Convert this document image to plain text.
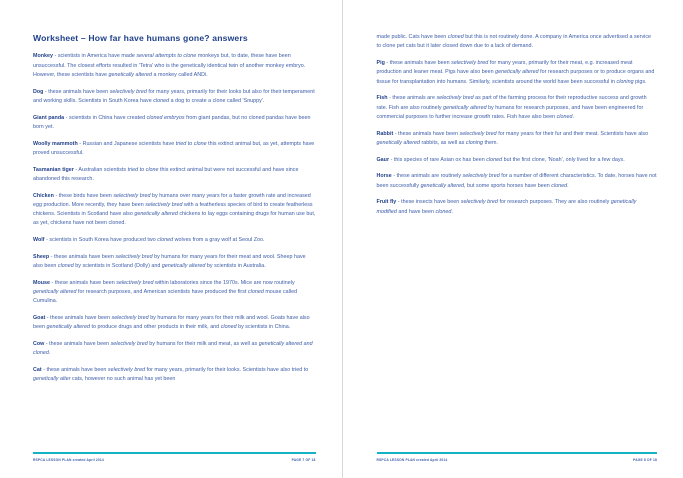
Worksheet – How far have humans gone? answers
Monkey - scientists in America have made several attempts to clone monkeys but, to date, these have been unsuccessful. The closest efforts resulted in 'Tetra' who is the genetically identical twin of another monkey embryo. However, these scientists have genetically altered a monkey called ANDi.
Dog - these animals have been selectively bred for many years, primarily for their looks but also for their temperament and working skills. Scientists in South Korea have cloned a dog to create a clone called 'Snuppy'.
Giant panda - scientists in China have created cloned embryos from giant pandas, but no cloned pandas have been born yet.
Woolly mammoth - Russian and Japanese scientists have tried to clone this extinct animal but, as yet, attempts have proved unsuccessful.
Tasmanian tiger - Australian scientists tried to clone this extinct animal but were not successful and have since abandoned this research.
Chicken - these birds have been selectively bred by humans over many years for a faster growth rate and increased egg production. More recently, they have been selectively bred with a featherless species of bird to create featherless chickens. Scientists in Scotland have also genetically altered chickens to lay eggs containing drugs for human use but, as yet, chickens have not been cloned.
Wolf - scientists in South Korea have produced two cloned wolves from a gray wolf at Seoul Zoo.
Sheep - these animals have been selectively bred by humans for many years for their meat and wool. Sheep have also been cloned by scientists in Scotland (Dolly) and genetically altered by scientists in Australia.
Mouse - these animals have been selectively bred within laboratories since the 1970s. Mice are now routinely genetically altered for research purposes, and American scientists have produced the first cloned mouse called Cumulina.
Goat - these animals have been selectively bred by humans for many years for their milk and wool. Goats have also been genetically altered to produce drugs and other products in their milk, and cloned by scientists in China.
Cow - these animals have been selectively bred by humans for their milk and meat, as well as genetically altered and cloned.
Cat - these animals have been selectively bred for many years, primarily for their looks. Scientists have also tried to genetically alter cats, however no such animal has yet been
RSPCA LESSON PLAN created April 2014	PAGE 7 OF 18
made public. Cats have been cloned but this is not routinely done. A company in America once advertised a service to clone pet cats but it later closed down due to a lack of demand.
Pig - these animals have been selectively bred for many years, primarily for their meat, e.g. increased meat production and leaner meat. Pigs have also been genetically altered for research purposes or to produce organs and tissue for transplantation into humans. Similarly, scientists around the world have been successful in cloning pigs.
Fish - these animals are selectively bred as part of the farming process for their reproductive success and growth rate. Fish are also routinely genetically altered by humans for research purposes, and have been engineered for commercial purposes to further increase growth rates. Fish have also been cloned.
Rabbit - these animals have been selectively bred for many years for their fur and their meat. Scientists have also genetically altered rabbits, as well as cloning them.
Gaur - this species of rare Asian ox has been cloned but the first clone, 'Noah', only lived for a few days.
Horse - these animals are routinely selectively bred for a number of different characteristics. To date, horses have not been successfully genetically altered, but some sports horses have been cloned.
Fruit fly - these insects have been selectively bred for research purposes. They are also routinely genetically modified and have been cloned.
RSPCA LESSON PLAN created April 2014	PAGE 8 OF 18
